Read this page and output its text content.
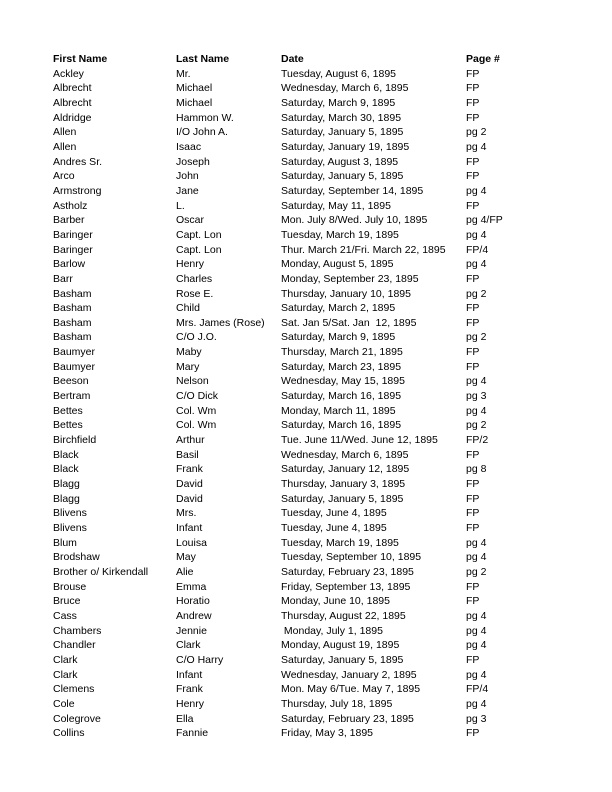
First Name	Last Name	Date	Page #
Ackley	Mr.	Tuesday, August 6, 1895	FP
Albrecht	Michael	Wednesday, March 6, 1895	FP
Albrecht	Michael	Saturday, March 9, 1895	FP
Aldridge	Hammon W.	Saturday, March 30, 1895	FP
Allen	I/O John A.	Saturday, January 5, 1895	pg 2
Allen	Isaac	Saturday, January 19, 1895	pg 4
Andres Sr.	Joseph	Saturday, August 3, 1895	FP
Arco	John	Saturday, January 5, 1895	FP
Armstrong	Jane	Saturday, September 14, 1895	pg 4
Astholz	L.	Saturday, May 11, 1895	FP
Barber	Oscar	Mon. July 8/Wed. July 10, 1895	pg 4/FP
Baringer	Capt. Lon	Tuesday, March 19, 1895	pg 4
Baringer	Capt. Lon	Thur. March 21/Fri. March 22, 1895	FP/4
Barlow	Henry	Monday, August 5, 1895	pg 4
Barr	Charles	Monday, September 23, 1895	FP
Basham	Rose E.	Thursday, January 10, 1895	pg 2
Basham	Child	Saturday, March 2, 1895	FP
Basham	Mrs. James (Rose)	Sat. Jan 5/Sat. Jan  12, 1895	FP
Basham	C/O J.O.	Saturday, March 9, 1895	pg 2
Baumyer	Maby	Thursday, March 21, 1895	FP
Baumyer	Mary	Saturday, March 23, 1895	FP
Beeson	Nelson	Wednesday, May 15, 1895	pg 4
Bertram	C/O Dick	Saturday, March 16, 1895	pg 3
Bettes	Col. Wm	Monday, March 11, 1895	pg 4
Bettes	Col. Wm	Saturday, March 16, 1895	pg 2
Birchfield	Arthur	Tue. June 11/Wed. June 12, 1895	FP/2
Black	Basil	Wednesday, March 6, 1895	FP
Black	Frank	Saturday, January 12, 1895	pg 8
Blagg	David	Thursday, January 3, 1895	FP
Blagg	David	Saturday, January 5, 1895	FP
Blivens	Mrs.	Tuesday, June 4, 1895	FP
Blivens	Infant	Tuesday, June 4, 1895	FP
Blum	Louisa	Tuesday, March 19, 1895	pg 4
Brodshaw	May	Tuesday, September 10, 1895	pg 4
Brother o/ Kirkendall	Alie	Saturday, February 23, 1895	pg 2
Brouse	Emma	Friday, September 13, 1895	FP
Bruce	Horatio	Monday, June 10, 1895	FP
Cass	Andrew	Thursday, August 22, 1895	pg 4
Chambers	Jennie	Monday, July 1, 1895	pg 4
Chandler	Clark	Monday, August 19, 1895	pg 4
Clark	C/O Harry	Saturday, January 5, 1895	FP
Clark	Infant	Wednesday, January 2, 1895	pg 4
Clemens	Frank	Mon. May 6/Tue. May 7, 1895	FP/4
Cole	Henry	Thursday, July 18, 1895	pg 4
Colegrove	Ella	Saturday, February 23, 1895	pg 3
Collins	Fannie	Friday, May 3, 1895	FP
